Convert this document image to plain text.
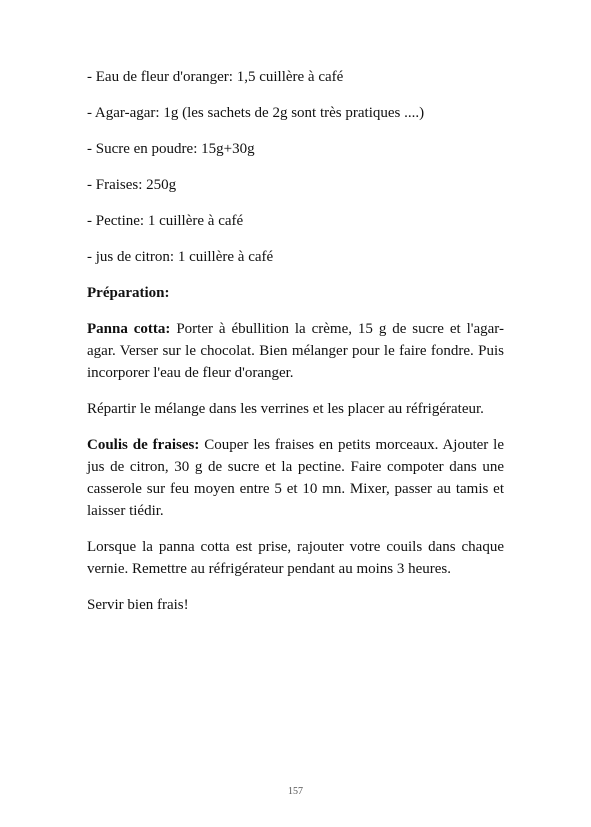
- Eau de fleur d'oranger: 1,5 cuillère à café

- Agar-agar: 1g (les sachets de 2g sont très pratiques ....)

- Sucre en poudre: 15g+30g

- Fraises: 250g

- Pectine: 1 cuillère à café

- jus de citron: 1 cuillère à café

Préparation:

Panna cotta: Porter à ébullition la crème, 15 g de sucre et l'agar-agar. Verser sur le chocolat. Bien mélanger pour le faire fondre. Puis incorporer l'eau de fleur d'oranger.

Répartir le mélange dans les verrines et les placer au réfrigérateur.

Coulis de fraises: Couper les fraises en petits morceaux. Ajouter le jus de citron, 30 g de sucre et la pectine. Faire compoter dans une casserole sur feu moyen entre 5 et 10 mn. Mixer, passer au tamis et laisser tiédir.

Lorsque la panna cotta est prise, rajouter votre couils dans chaque vernie. Remettre au réfrigérateur pendant au moins 3 heures.

Servir bien frais!

157
